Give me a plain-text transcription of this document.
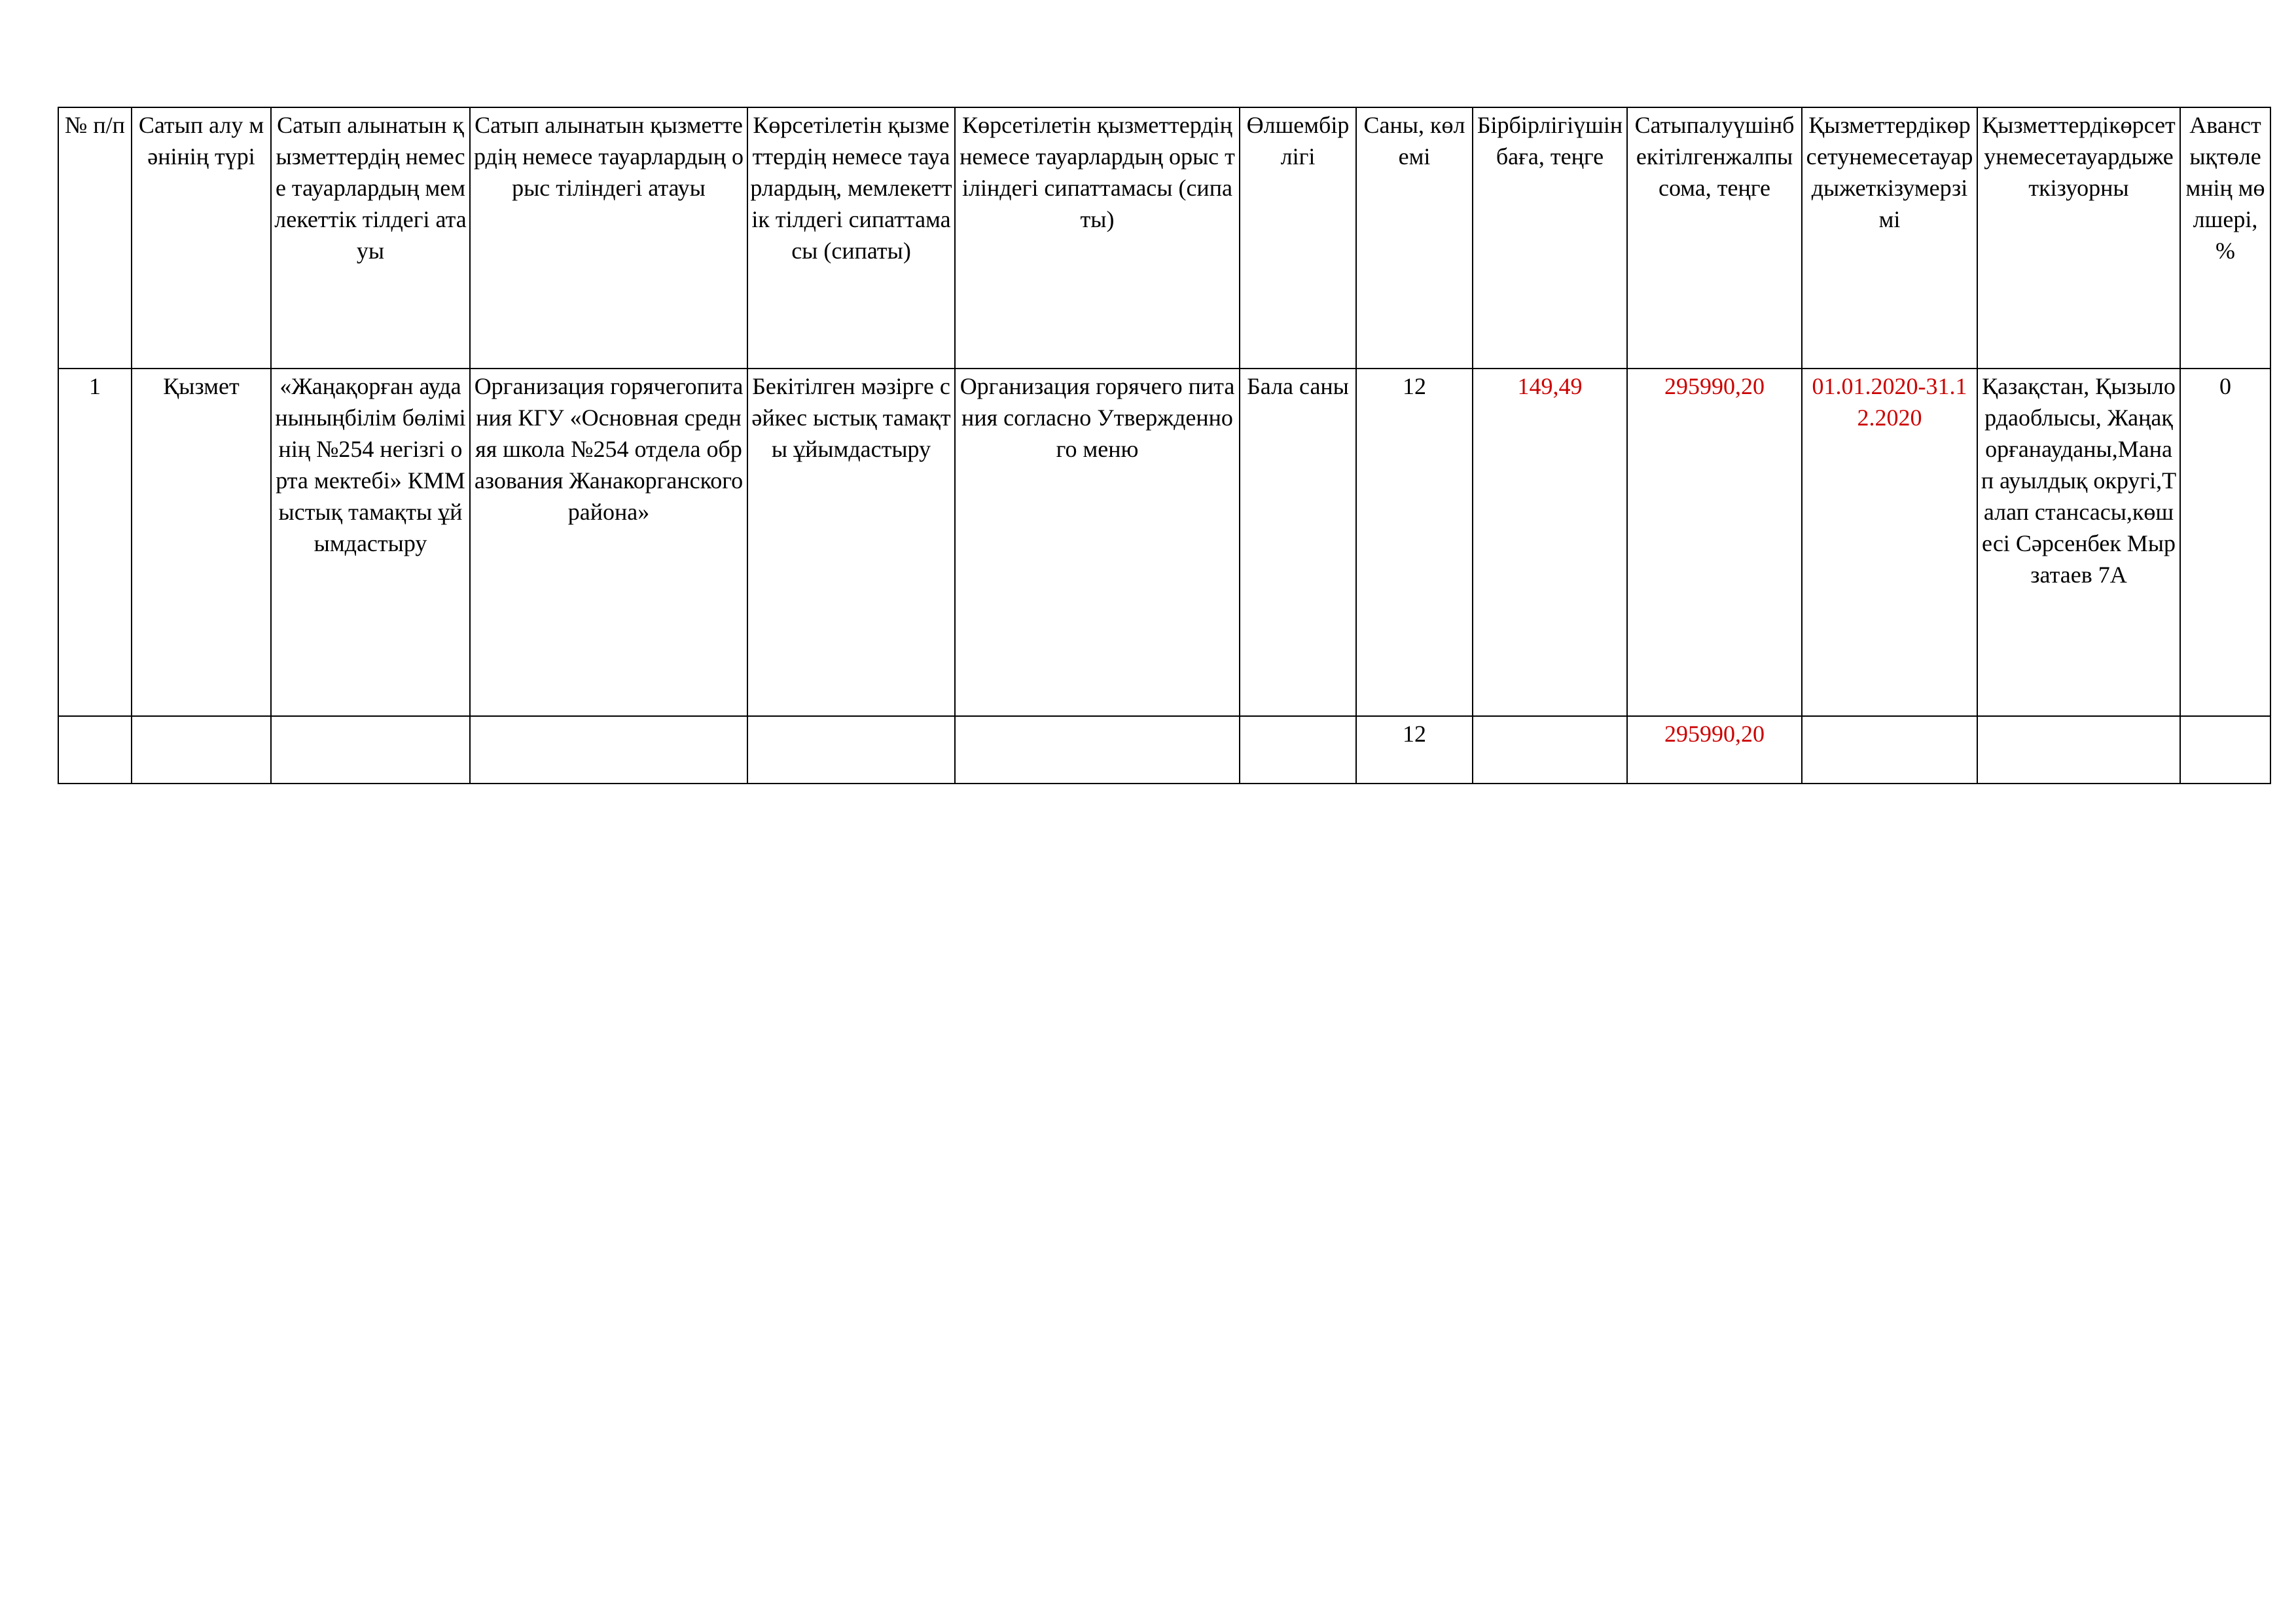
№ п/п	Сатып алу мәнінің түрі	Сатып алынатын қызметтердің немесе тауарлардың мемлекеттік тілдегі атауы	Сатып алынатын қызметтердің немесе тауарлардың орыс тіліндегі атауы	Көрсетілетін қызметтердің немесе тауарлардың, мемлекеттік тілдегі сипаттамасы (сипаты)	Көрсетілетін қызметтердің немесе тауарлардың орыс тіліндегі сипаттамасы (сипаты)	Өлшембірлігі	Саны, көлемі	Бірбірлігіүшінбаға, теңге	Сатыпалуүшінбекітілгенжалпы сома, теңге	Қызметтердікөрсетунемесетауардыжеткізумерзімі	Қызметтердікөрсетунемесетауардыжеткізуорны	Аванстықтөлемнің мөлшері, %
1	Қызмет	«Жаңақорған ауданыныңбілім бөлімінің №254 негізгі орта мектебі» КММыстық тамақты ұйымдастыру	Организация горячегопитания КГУ «Основная средняя школа №254 отдела образования Жанакорганского района»	Бекітілген мәзірге сәйкес ыстық тамақты ұйымдастыру	Организация горячего питания согласно Утвержденного меню	Бала саны	12	149,49	295990,20	01.01.2020-31.12.2020	Қазақстан, Қызылордаоблысы, Жаңақорғанауданы,Манап ауылдық округі,Талап стансасы,көшесі Сәрсенбек Мырзатаев 7А	0
							12		295990,20			
